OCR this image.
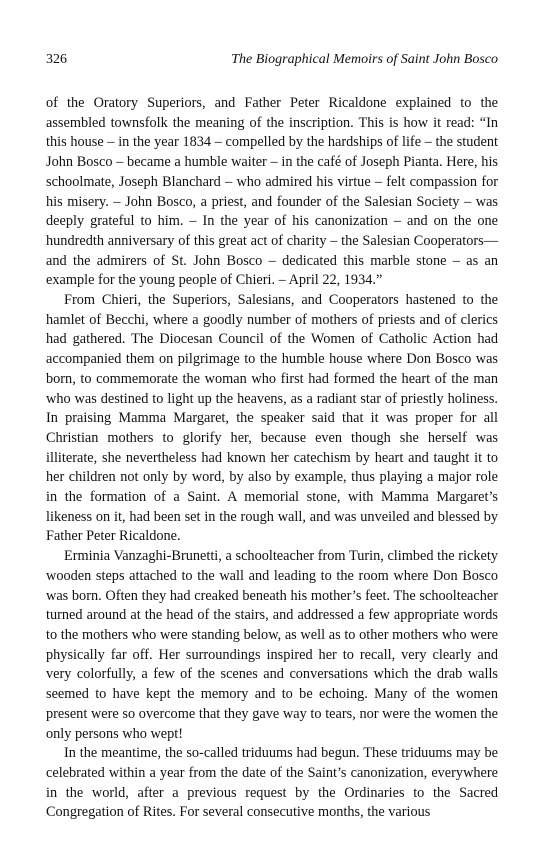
326	The Biographical Memoirs of Saint John Bosco

of the Oratory Superiors, and Father Peter Ricaldone explained to the assembled townsfolk the meaning of the inscription. This is how it read: “In this house – in the year 1834 – compelled by the hardships of life – the student John Bosco – became a humble waiter – in the café of Joseph Pianta. Here, his schoolmate, Joseph Blanchard – who admired his virtue – felt compassion for his misery. – John Bosco, a priest, and founder of the Salesian Society – was deeply grateful to him. – In the year of his canonization – and on the one hundredth anniversary of this great act of charity – the Salesian Cooperators—and the admirers of St. John Bosco – dedicated this marble stone – as an example for the young people of Chieri. – April 22, 1934.”

From Chieri, the Superiors, Salesians, and Cooperators hastened to the hamlet of Becchi, where a goodly number of mothers of priests and of clerics had gathered. The Diocesan Council of the Women of Catholic Action had accompanied them on pilgrimage to the humble house where Don Bosco was born, to commemorate the woman who first had formed the heart of the man who was destined to light up the heavens, as a radiant star of priestly holiness. In praising Mamma Margaret, the speaker said that it was proper for all Christian mothers to glorify her, because even though she herself was illiterate, she nevertheless had known her catechism by heart and taught it to her children not only by word, by also by example, thus playing a major role in the formation of a Saint. A memorial stone, with Mamma Margaret’s likeness on it, had been set in the rough wall, and was unveiled and blessed by Father Peter Ricaldone.

Erminia Vanzaghi-Brunetti, a schoolteacher from Turin, climbed the rickety wooden steps attached to the wall and leading to the room where Don Bosco was born. Often they had creaked beneath his mother’s feet. The schoolteacher turned around at the head of the stairs, and addressed a few appropriate words to the mothers who were standing below, as well as to other mothers who were physically far off. Her surroundings inspired her to recall, very clearly and very colorfully, a few of the scenes and conversations which the drab walls seemed to have kept the memory and to be echoing. Many of the women present were so overcome that they gave way to tears, nor were the women the only persons who wept!

In the meantime, the so-called triduums had begun. These triduums may be celebrated within a year from the date of the Saint’s canonization, everywhere in the world, after a previous request by the Ordinaries to the Sacred Congregation of Rites. For several consecutive months, the various
